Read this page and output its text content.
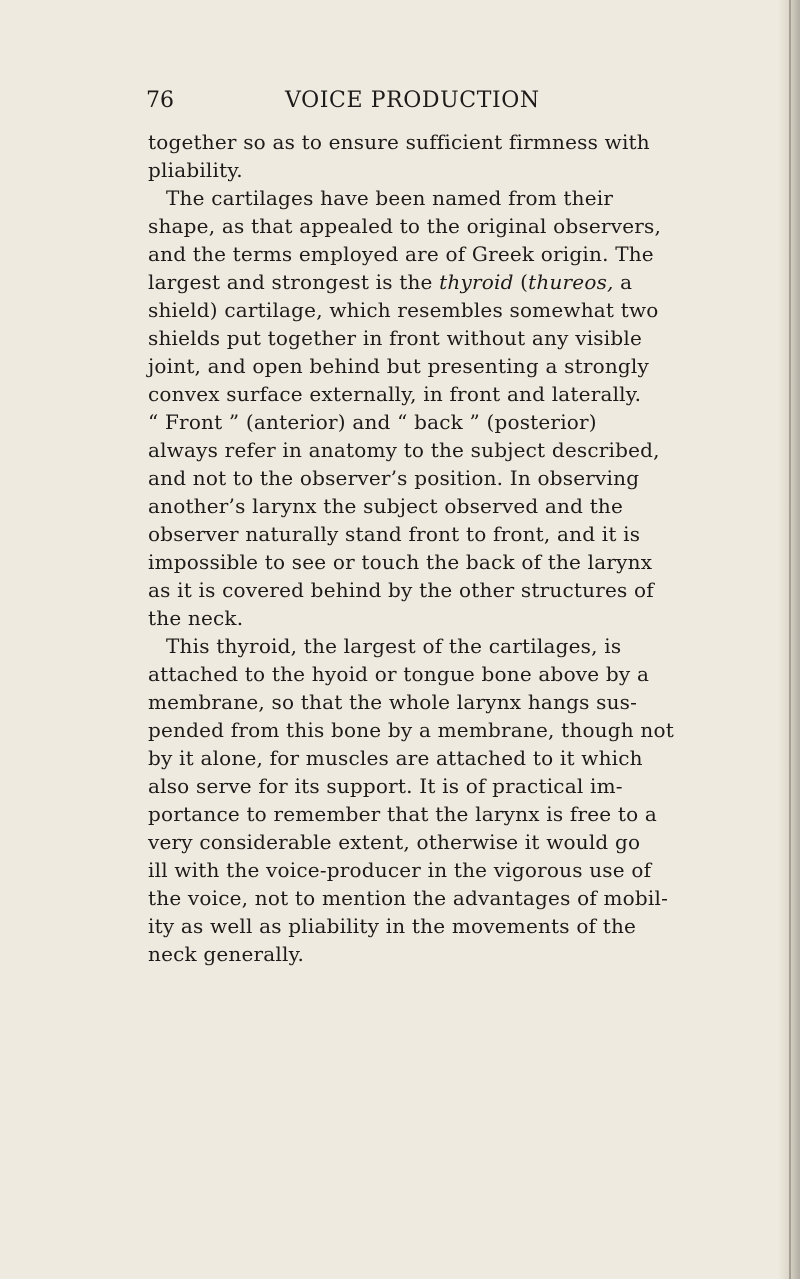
76	VOICE PRODUCTION
together so as to ensure sufficient firmness with
pliability.
The cartilages have been named from their
shape, as that appealed to the original observers,
and the terms employed are of Greek origin. The
largest and strongest is the thyroid (thureos, a
shield) cartilage, which resembles somewhat two
shields put together in front without any visible
joint, and open behind but presenting a strongly
convex surface externally, in front and laterally.
“ Front ” (anterior) and “ back ” (posterior)
always refer in anatomy to the subject described,
and not to the observer’s position. In observing
another’s larynx the subject observed and the
observer naturally stand front to front, and it is
impossible to see or touch the back of the larynx
as it is covered behind by the other structures of
the neck.
This thyroid, the largest of the cartilages, is
attached to the hyoid or tongue bone above by a
membrane, so that the whole larynx hangs sus-
pended from this bone by a membrane, though not
by it alone, for muscles are attached to it which
also serve for its support. It is of practical im-
portance to remember that the larynx is free to a
very considerable extent, otherwise it would go
ill with the voice-producer in the vigorous use of
the voice, not to mention the advantages of mobil-
ity as well as pliability in the movements of the
neck generally.
